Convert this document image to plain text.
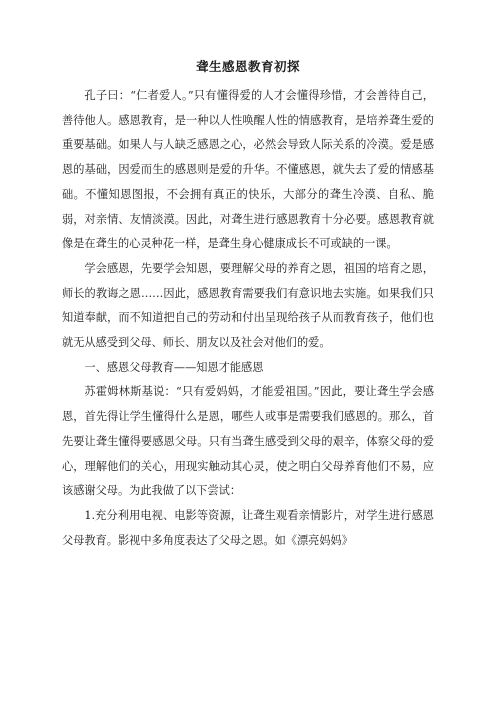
聋生感恩教育初探

孔子曰：“仁者爱人。”只有懂得爱的人才会懂得珍惜，才会善待自己，善待他人。感恩教育，是一种以人性唤醒人性的情感教育，是培养聋生爱的重要基础。如果人与人缺乏感恩之心，必然会导致人际关系的冷漠。爱是感恩的基础，因爱而生的感恩则是爱的升华。不懂感恩，就失去了爱的情感基础。不懂知恩图报，不会拥有真正的快乐，大部分的聋生冷漠、自私、脆弱，对亲情、友情淡漠。因此，对聋生进行感恩教育十分必要。感恩教育就像是在聋生的心灵种花一样，是聋生身心健康成长不可或缺的一课。

学会感恩，先要学会知恩，要理解父母的养育之恩，祖国的培育之恩，师长的教诲之恩……因此，感恩教育需要我们有意识地去实施。如果我们只知道奉献，而不知道把自己的劳动和付出呈现给孩子从而教育孩子，他们也就无从感受到父母、师长、朋友以及社会对他们的爱。

一、感恩父母教育——知恩才能感恩

苏霍姆林斯基说：“只有爱妈妈，才能爱祖国。”因此，要让聋生学会感恩，首先得让学生懂得什么是恩，哪些人或事是需要我们感恩的。那么，首先要让聋生懂得要感恩父母。只有当聋生感受到父母的艰辛，体察父母的爱心，理解他们的关心，用现实触动其心灵，使之明白父母养育他们不易，应该感谢父母。为此我做了以下尝试：

1.充分利用电视、电影等资源，让聋生观看亲情影片，对学生进行感恩父母教育。影视中多角度表达了父母之恩。如《漂亮妈妈》
